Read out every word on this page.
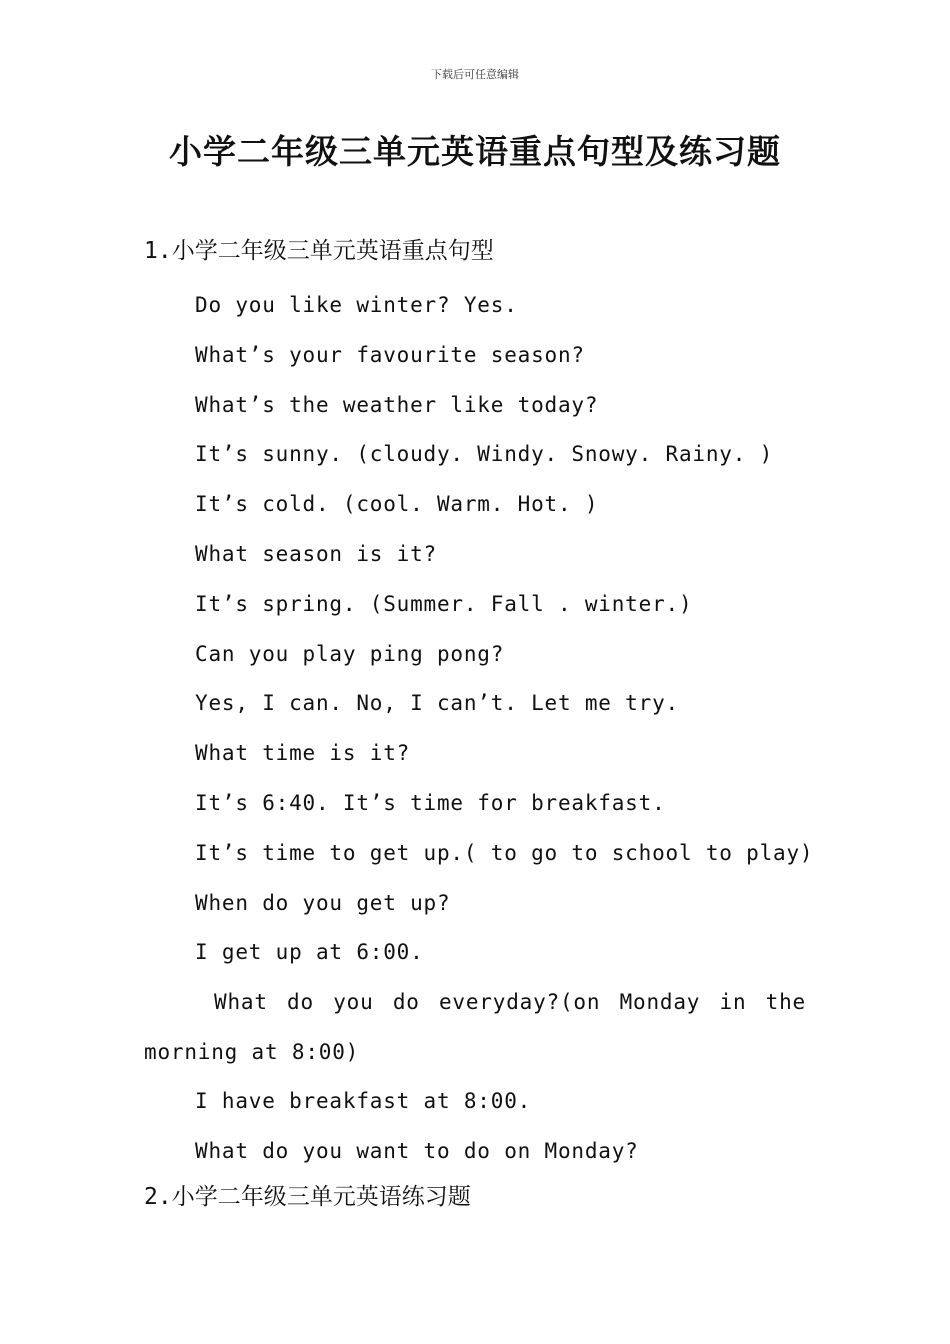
下载后可任意编辑
小学二年级三单元英语重点句型及练习题
1.小学二年级三单元英语重点句型
Do you like winter? Yes.
What’s your favourite season?
What’s the weather like today?
It’s sunny. (cloudy. Windy. Snowy. Rainy. )
It’s cold. (cool. Warm. Hot. )
What season is it?
It’s spring. (Summer. Fall . winter.)
Can you play ping pong?
Yes, I can. No, I can’t. Let me try.
What time is it?
It’s 6:40. It’s time for breakfast.
It’s time to get up.( to go to school to play)
When do you get up?
I get up at 6:00.

What do you do everyday?(on Monday in the
morning at 8:00)

I have breakfast at 8:00.
What do you want to do on Monday?
2.小学二年级三单元英语练习题
